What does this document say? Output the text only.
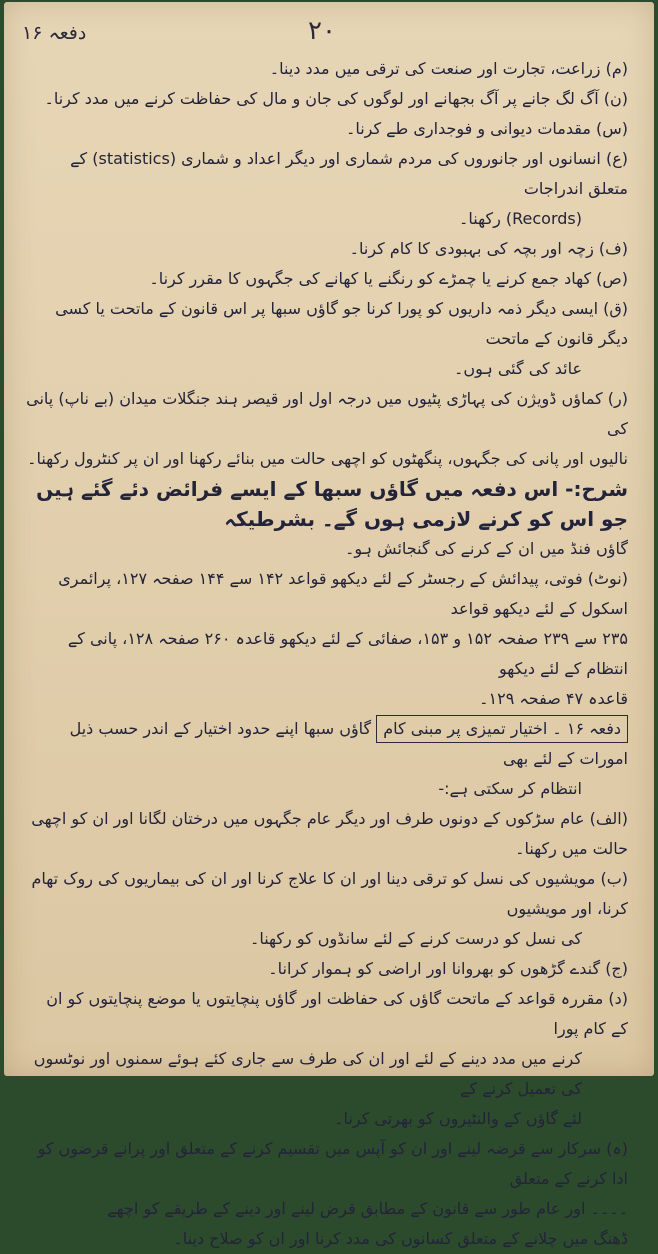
دفعہ ۱۶	۲۰

(م) زراعت، تجارت اور صنعت کی ترقی میں مدد دینا۔

(ن) آگ لگ جانے پر آگ بجھانے اور لوگوں کی جان و مال کی حفاظت کرنے میں مدد کرنا۔

(س) مقدمات دیوانی و فوجداری طے کرنا۔

(ع) انسانوں اور جانوروں کی مردم شماری اور دیگر اعداد و شماری (statistics) کے متعلق اندراجات

(Records) رکھنا۔

(ف) زچہ اور بچہ کی بہبودی کا کام کرنا۔

(ص) کھاد جمع کرنے یا چمڑے کو رنگنے یا کھانے کی جگہوں کا مقرر کرنا۔

(ق) ایسی دیگر ذمہ داریوں کو پورا کرنا جو گاؤں سبھا پر اس قانون کے ماتحت یا کسی دیگر قانون کے ماتحت

عائد کی گئی ہوں۔

(ر) کماؤں ڈویژن کی پہاڑی پٹیوں میں درجہ اول اور قیصر ہند جنگلات میدان (بے ناپ) پانی کی

نالیوں اور پانی کی جگہوں، پنگھٹوں کو اچھی حالت میں بنائے رکھنا اور ان پر کنٹرول رکھنا۔

شرح:- اس دفعہ میں گاؤں سبھا کے ایسے فرائض دئے گئے ہیں جو اس کو کرنے لازمی ہوں گے۔ بشرطیکہ

گاؤں فنڈ میں ان کے کرنے کی گنجائش ہو۔

(نوٹ) فوتی، پیدائش کے رجسٹر کے لئے دیکھو قواعد ۱۴۲ سے ۱۴۴ صفحہ ۱۲۷، پرائمری اسکول کے لئے دیکھو قواعد

۲۳۵ سے ۲۳۹ صفحہ ۱۵۲ و ۱۵۳، صفائی کے لئے دیکھو قاعدہ ۲۶۰ صفحہ ۱۲۸، پانی کے انتظام کے لئے دیکھو

قاعدہ ۴۷ صفحہ ۱۲۹۔

دفعہ ۱۶ ۔ اختیار تمیزی پر مبنی کام گاؤں سبھا اپنے حدود اختیار کے اندر حسب ذیل امورات کے لئے بھی

انتظام کر سکتی ہے:-

(الف) عام سڑکوں کے دونوں طرف اور دیگر عام جگہوں میں درختان لگانا اور ان کو اچھی حالت میں رکھنا۔

(ب) مویشیوں کی نسل کو ترقی دینا اور ان کا علاج کرنا اور ان کی بیماریوں کی روک تھام کرنا، اور مویشیوں

کی نسل کو درست کرنے کے لئے سانڈوں کو رکھنا۔

(ج) گندے گڑھوں کو بھروانا اور اراضی کو ہموار کرانا۔

(د) مقررہ قواعد کے ماتحت گاؤں کی حفاظت اور گاؤں پنچایتوں یا موضع پنچایتوں کو ان کے کام پورا

کرنے میں مدد دینے کے لئے اور ان کی طرف سے جاری کئے ہوئے سمنوں اور نوٹسوں کی تعمیل کرنے کے

لئے گاؤں کے والنٹیروں کو بھرتی کرنا۔

(ہ) سرکار سے قرضہ لینے اور ان کو آپس میں تقسیم کرنے کے متعلق اور پرانے قرضوں کو ادا کرنے کے متعلق

۔۔۔۔ اور عام طور سے قانون کے مطابق قرض لینے اور دینے کے طریقے کو اچھے

ڈھنگ میں چلانے کے متعلق کسانوں کی مدد کرنا اور ان کو صلاح دینا۔
